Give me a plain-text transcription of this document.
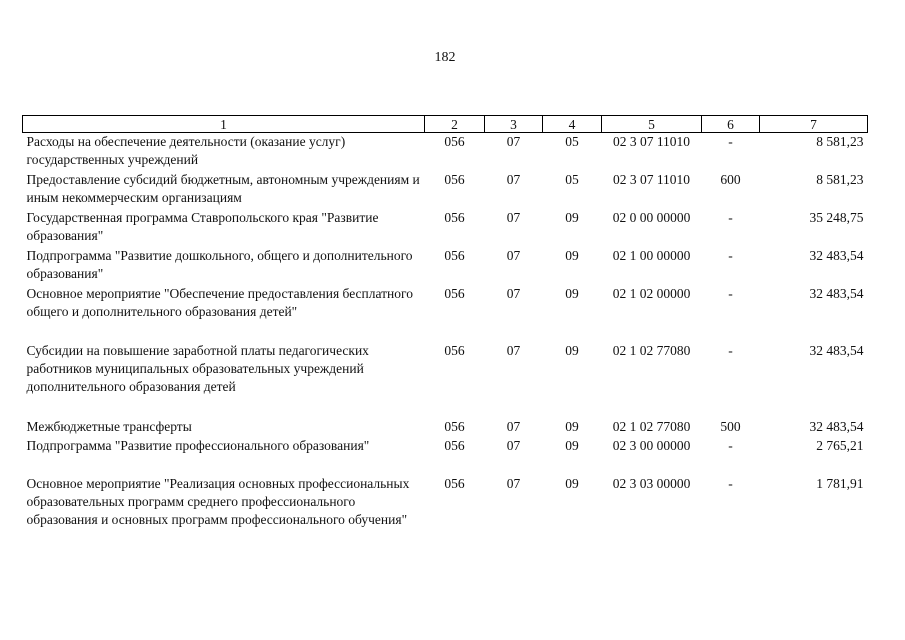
182
1	2	3	4	5	6	7
Расходы на обеспечение деятельности (оказание услуг) государственных учреждений	056	07	05	02 3 07 11010	-	8 581,23
Предоставление субсидий бюджетным, автономным учреждениям и иным некоммерческим организациям	056	07	05	02 3 07 11010	600	8 581,23
Государственная программа Ставропольского края "Развитие образования"	056	07	09	02 0 00 00000	-	35 248,75
Подпрограмма "Развитие дошкольного, общего и дополнительного образования"	056	07	09	02 1 00 00000	-	32 483,54
Основное мероприятие "Обеспечение предоставления бесплатного общего и дополнительного образования детей"	056	07	09	02 1 02 00000	-	32 483,54
Субсидии на повышение заработной платы педагогических работников муниципальных образовательных учреждений дополнительного образования детей	056	07	09	02 1 02 77080	-	32 483,54
Межбюджетные трансферты	056	07	09	02 1 02 77080	500	32 483,54
Подпрограмма "Развитие профессионального образования"	056	07	09	02 3 00 00000	-	2 765,21
Основное мероприятие "Реализация основных профессиональных образовательных программ среднего профессионального образования и основных программ профессионального обучения"	056	07	09	02 3 03 00000	-	1 781,91
